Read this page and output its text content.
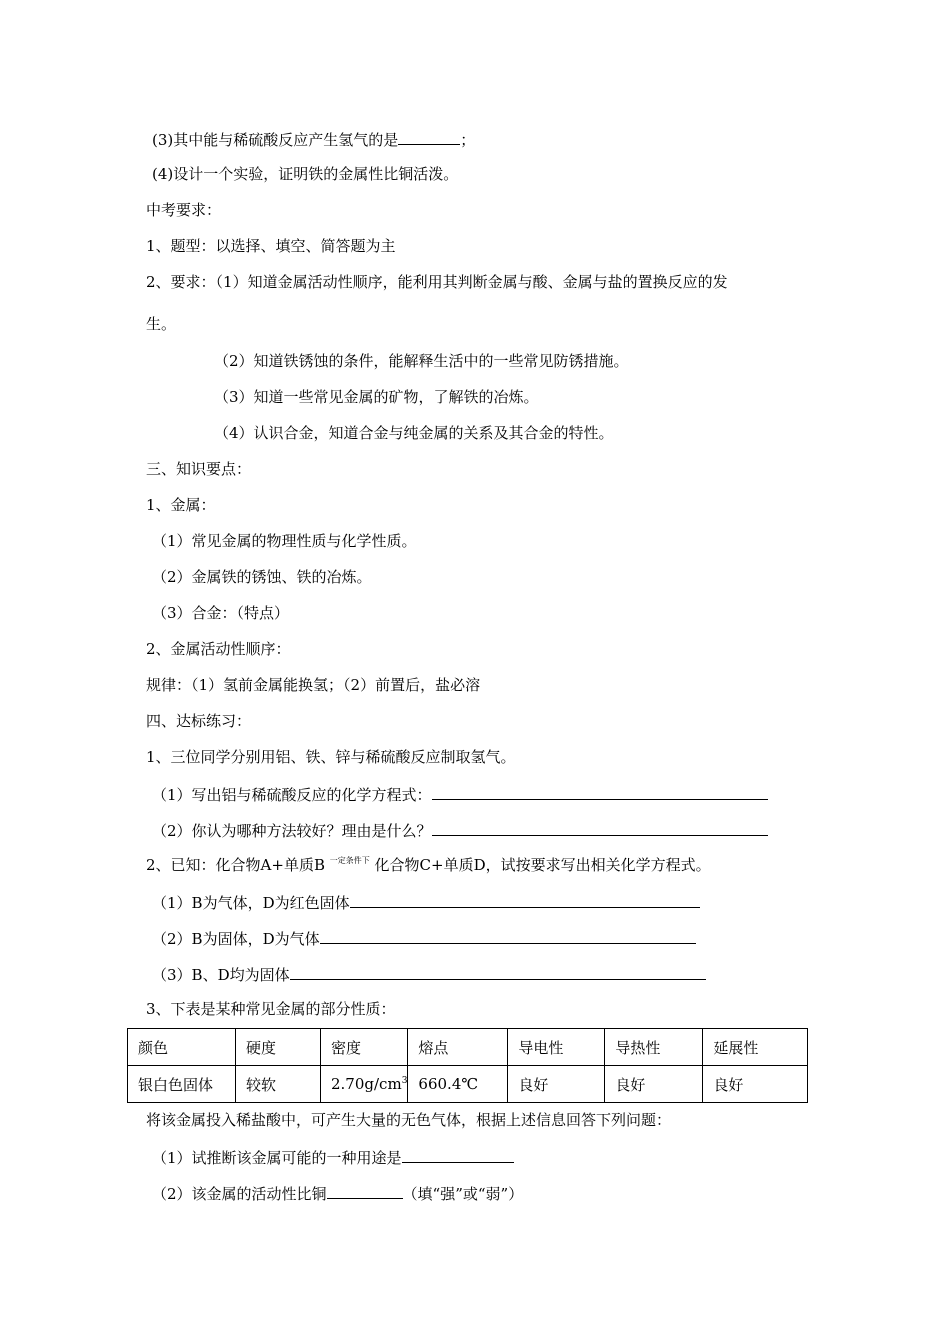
(3)其中能与稀硫酸反应产生氢气的是	；
(4)设计一个实验，证明铁的金属性比铜活泼。
中考要求：
1、题型：以选择、填空、简答题为主
2、要求：（1）知道金属活动性顺序，能利用其判断金属与酸、金属与盐的置换反应的发
生。
（2）知道铁锈蚀的条件，能解释生活中的一些常见防锈措施。
（3）知道一些常见金属的矿物，了解铁的冶炼。
（4）认识合金，知道合金与纯金属的关系及其合金的特性。
三、知识要点：
1、金属：
（1）常见金属的物理性质与化学性质。
（2）金属铁的锈蚀、铁的冶炼。
（3）合金：（特点）
2、金属活动性顺序：
规律：（1）氢前金属能换氢；（2）前置后，盐必溶
四、达标练习：
1、三位同学分别用铝、铁、锌与稀硫酸反应制取氢气。
（1）写出铝与稀硫酸反应的化学方程式：
（2）你认为哪种方法较好？理由是什么？
2、已知：化合物A+单质B $^{一定条件下}$ 化合物C+单质D，试按要求写出相关化学方程式。
（1）B为气体，D为红色固体
（2）B为固体，D为气体
（3）B、D均为固体
3、下表是某种常见金属的部分性质：
颜色	硬度	密度	熔点	导电性	导热性	延展性
银白色固体	较软	$2.70g/cm^3$	660.4℃	良好	良好	良好
将该金属投入稀盐酸中，可产生大量的无色气体，根据上述信息回答下列问题：
（1）试推断该金属可能的一种用途是
（2）该金属的活动性比铜	（填“强”或“弱”）
